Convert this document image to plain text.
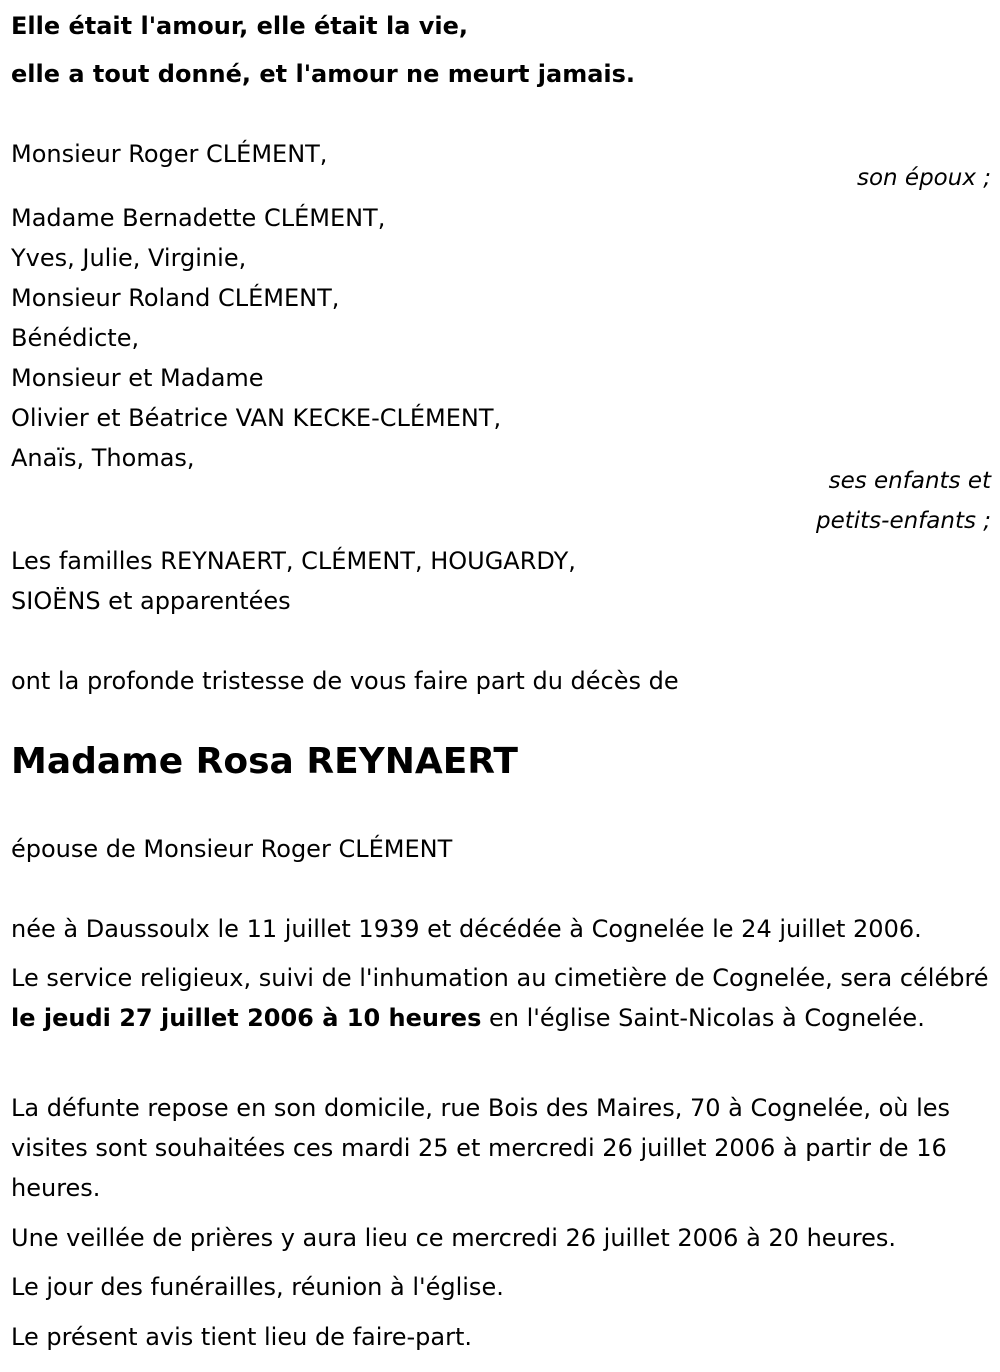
Elle était l'amour, elle était la vie,
elle a tout donné, et l'amour ne meurt jamais.
Monsieur Roger CLÉMENT,
son époux ;
Madame Bernadette CLÉMENT,
Yves, Julie, Virginie,
Monsieur Roland CLÉMENT,
Bénédicte,
Monsieur et Madame
Olivier et Béatrice VAN KECKE-CLÉMENT,
Anaïs, Thomas,
ses enfants et
petits-enfants ;
Les familles REYNAERT, CLÉMENT, HOUGARDY,
SIOËNS et apparentées
ont la profonde tristesse de vous faire part du décès de
Madame Rosa REYNAERT
épouse de Monsieur Roger CLÉMENT
née à Daussoulx le 11 juillet 1939 et décédée à Cognelée le 24 juillet 2006.
Le service religieux, suivi de l'inhumation au cimetière de Cognelée, sera célébré le jeudi 27 juillet 2006 à 10 heures en l'église Saint-Nicolas à Cognelée.
La défunte repose en son domicile, rue Bois des Maires, 70 à Cognelée, où les visites sont souhaitées ces mardi 25 et mercredi 26 juillet 2006 à partir de 16 heures.
Une veillée de prières y aura lieu ce mercredi 26 juillet 2006 à 20 heures.
Le jour des funérailles, réunion à l'église.
Le présent avis tient lieu de faire-part.
